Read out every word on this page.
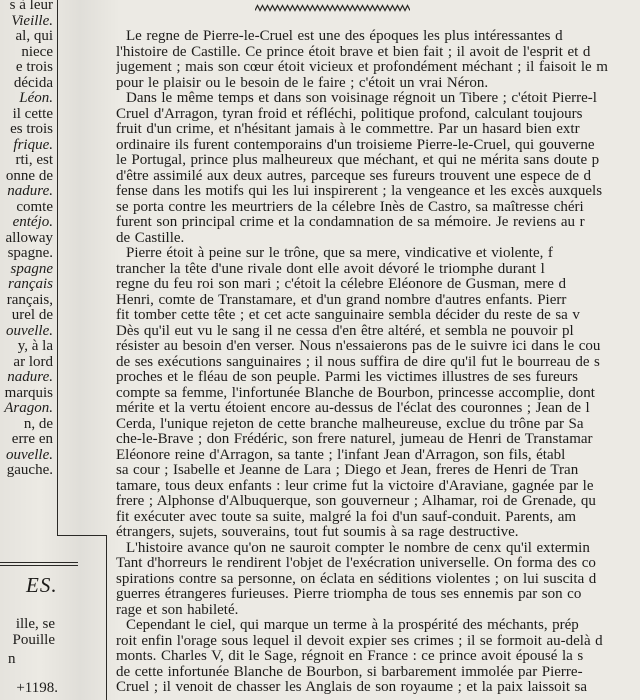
s à leur
Vieille.
al, qui
niece
e trois
décida
Léon.
il cette
es trois
frique.
rti, est
onne de
nadure.
comte
entéjo.
alloway
spagne.
spagne
rançais
rançais,
urel de
ouvelle.
y, à la
ar lord
nadure.
marquis
Aragon.
n, de
erre en
ouvelle.
gauche.
ES.
ille, se
Pouille
n
+1198.
Le regne de Pierre-le-Cruel est une des époques les plus intéressantes d
l'histoire de Castille. Ce prince étoit brave et bien fait ; il avoit de l'esprit et d
jugement ; mais son cœur étoit vicieux et profondément méchant ; il faisoit le m
pour le plaisir ou le besoin de le faire ; c'étoit un vrai Néron.
Dans le même temps et dans son voisinage régnoit un Tibere ; c'étoit Pierre-l
Cruel d'Arragon, tyran froid et réfléchi, politique profond, calculant toujours
fruit d'un crime, et n'hésitant jamais à le commettre. Par un hasard bien extr
ordinaire ils furent contemporains d'un troisieme Pierre-le-Cruel, qui gouverne
le Portugal, prince plus malheureux que méchant, et qui ne mérita sans doute p
d'être assimilé aux deux autres, parceque ses fureurs trouvent une espece de d
fense dans les motifs qui les lui inspirerent ; la vengeance et les excès auxquels
se porta contre les meurtriers de la célebre Inès de Castro, sa maîtresse chéri
furent son principal crime et la condamnation de sa mémoire. Je reviens au r
de Castille.
Pierre étoit à peine sur le trône, que sa mere, vindicative et violente, f
trancher la tête d'une rivale dont elle avoit dévoré le triomphe durant l
regne du feu roi son mari ; c'étoit la célebre Eléonore de Gusman, mere d
Henri, comte de Transtamare, et d'un grand nombre d'autres enfants. Pierr
fit tomber cette tête ; et cet acte sanguinaire sembla décider du reste de sa v
Dès qu'il eut vu le sang il ne cessa d'en être altéré, et sembla ne pouvoir pl
résister au besoin d'en verser. Nous n'essaierons pas de le suivre ici dans le cou
de ses exécutions sanguinaires ; il nous suffira de dire qu'il fut le bourreau de s
proches et le fléau de son peuple. Parmi les victimes illustres de ses fureurs
compte sa femme, l'infortunée Blanche de Bourbon, princesse accomplie, dont
mérite et la vertu étoient encore au-dessus de l'éclat des couronnes ; Jean de l
Cerda, l'unique rejeton de cette branche malheureuse, exclue du trône par Sa
che-le-Brave ; don Frédéric, son frere naturel, jumeau de Henri de Transtamar
Eléonore reine d'Arragon, sa tante ; l'infant Jean d'Arragon, son fils, établ
sa cour ; Isabelle et Jeanne de Lara ; Diego et Jean, freres de Henri de Tran
tamare, tous deux enfants : leur crime fut la victoire d'Araviane, gagnée par le
frere ; Alphonse d'Albuquerque, son gouverneur ; Alhamar, roi de Grenade, qu
fit exécuter avec toute sa suite, malgré la foi d'un sauf-conduit. Parents, am
étrangers, sujets, souverains, tout fut soumis à sa rage destructive.
L'histoire avance qu'on ne sauroit compter le nombre de cenx qu'il extermin
Tant d'horreurs le rendirent l'objet de l'exécration universelle. On forma des co
spirations contre sa personne, on éclata en séditions violentes ; on lui suscita d
guerres étrangeres furieuses. Pierre triompha de tous ses ennemis par son co
rage et son habileté.
Cependant le ciel, qui marque un terme à la prospérité des méchants, prép
roit enfin l'orage sous lequel il devoit expier ses crimes ; il se formoit au-delà d
monts. Charles V, dit le Sage, régnoit en France : ce prince avoit épousé la s
de cette infortunée Blanche de Bourbon, si barbarement immolée par Pierre-
Cruel ; il venoit de chasser les Anglais de son royaume ; et la paix laissoit sa
